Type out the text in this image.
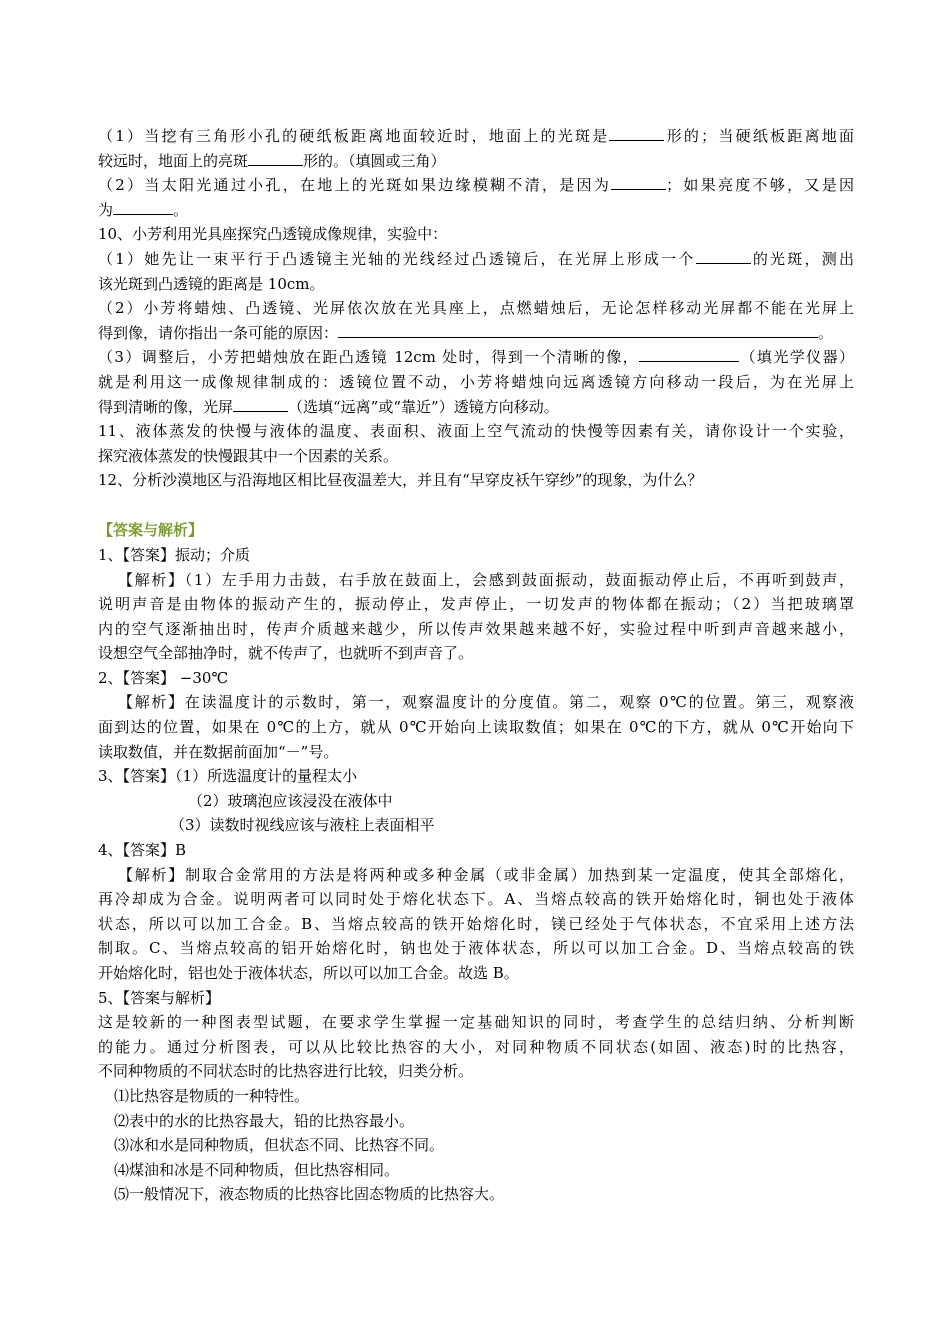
（1）当挖有三角形小孔的硬纸板距离地面较近时，地面上的光斑是	形的；当硬纸板距离地面

较远时，地面上的亮斑	形的。（填圆或三角）

（2）当太阳光通过小孔，在地上的光斑如果边缘模糊不清，是因为	；如果亮度不够，又是因

为	。

10、小芳利用光具座探究凸透镜成像规律，实验中：

（1）她先让一束平行于凸透镜主光轴的光线经过凸透镜后，在光屏上形成一个	的光斑，测出

该光斑到凸透镜的距离是 10cm。

（2）小芳将蜡烛、凸透镜、光屏依次放在光具座上，点燃蜡烛后，无论怎样移动光屏都不能在光屏上

得到像，请你指出一条可能的原因：	。

（3）调整后，小芳把蜡烛放在距凸透镜 12cm 处时，得到一个清晰的像，	（填光学仪器）

就是利用这一成像规律制成的：透镜位置不动，小芳将蜡烛向远离透镜方向移动一段后，为在光屏上

得到清晰的像，光屏	（选填“远离”或“靠近”）透镜方向移动。

11、液体蒸发的快慢与液体的温度、表面积、液面上空气流动的快慢等因素有关，请你设计一个实验，

探究液体蒸发的快慢跟其中一个因素的关系。

12、分析沙漠地区与沿海地区相比昼夜温差大，并且有“早穿皮袄午穿纱”的现象，为什么？

【答案与解析】

1、【答案】振动；介质

【解析】（1）左手用力击鼓，右手放在鼓面上，会感到鼓面振动，鼓面振动停止后，不再听到鼓声，

说明声音是由物体的振动产生的，振动停止，发声停止，一切发声的物体都在振动；（2）当把玻璃罩

内的空气逐渐抽出时，传声介质越来越少，所以传声效果越来越不好，实验过程中听到声音越来越小，

设想空气全部抽净时，就不传声了，也就听不到声音了。

2、【答案】 −30℃

【解析】在读温度计的示数时，第一，观察温度计的分度值。第二，观察 0℃的位置。第三，观察液

面到达的位置，如果在 0℃的上方，就从 0℃开始向上读取数值；如果在 0℃的下方，就从 0℃开始向下

读取数值，并在数据前面加“－”号。

3、【答案】（1）所选温度计的量程太小

（2）玻璃泡应该浸没在液体中

（3）读数时视线应该与液柱上表面相平

4、【答案】B

【解析】制取合金常用的方法是将两种或多种金属（或非金属）加热到某一定温度，使其全部熔化，

再冷却成为合金。说明两者可以同时处于熔化状态下。A、当熔点较高的铁开始熔化时，铜也处于液体

状态，所以可以加工合金。B、当熔点较高的铁开始熔化时，镁已经处于气体状态，不宜采用上述方法

制取。C、当熔点较高的铝开始熔化时，钠也处于液体状态，所以可以加工合金。D、当熔点较高的铁

开始熔化时，铝也处于液体状态，所以可以加工合金。故选 B。

5、【答案与解析】

这是较新的一种图表型试题，在要求学生掌握一定基础知识的同时，考查学生的总结归纳、分析判断

的能力。通过分析图表，可以从比较比热容的大小，对同种物质不同状态(如固、液态)时的比热容，

不同种物质的不同状态时的比热容进行比较，归类分析。

⑴比热容是物质的一种特性。

⑵表中的水的比热容最大，铅的比热容最小。

⑶冰和水是同种物质，但状态不同、比热容不同。

⑷煤油和冰是不同种物质，但比热容相同。

⑸一般情况下，液态物质的比热容比固态物质的比热容大。
